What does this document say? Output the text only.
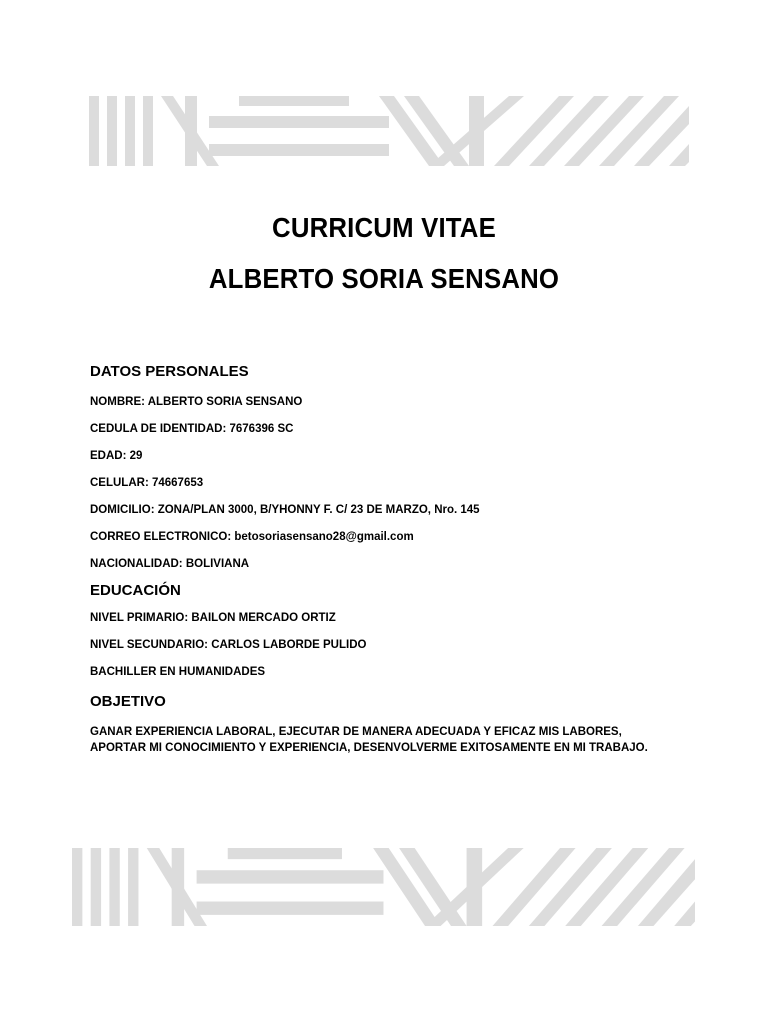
CURRICUM VITAE
ALBERTO SORIA SENSANO

DATOS PERSONALES

NOMBRE: ALBERTO SORIA SENSANO

CEDULA DE IDENTIDAD: 7676396 SC

EDAD: 29

CELULAR: 74667653

DOMICILIO: ZONA/PLAN 3000, B/YHONNY F. C/ 23 DE MARZO, Nro. 145

CORREO ELECTRONICO: betosoriasensano28@gmail.com

NACIONALIDAD: BOLIVIANA

EDUCACIÓN

NIVEL PRIMARIO: BAILON MERCADO ORTIZ

NIVEL SECUNDARIO: CARLOS LABORDE PULIDO

BACHILLER EN HUMANIDADES

OBJETIVO

GANAR EXPERIENCIA LABORAL, EJECUTAR DE MANERA ADECUADA Y EFICAZ MIS LABORES, APORTAR MI CONOCIMIENTO Y EXPERIENCIA, DESENVOLVERME EXITOSAMENTE EN MI TRABAJO.
